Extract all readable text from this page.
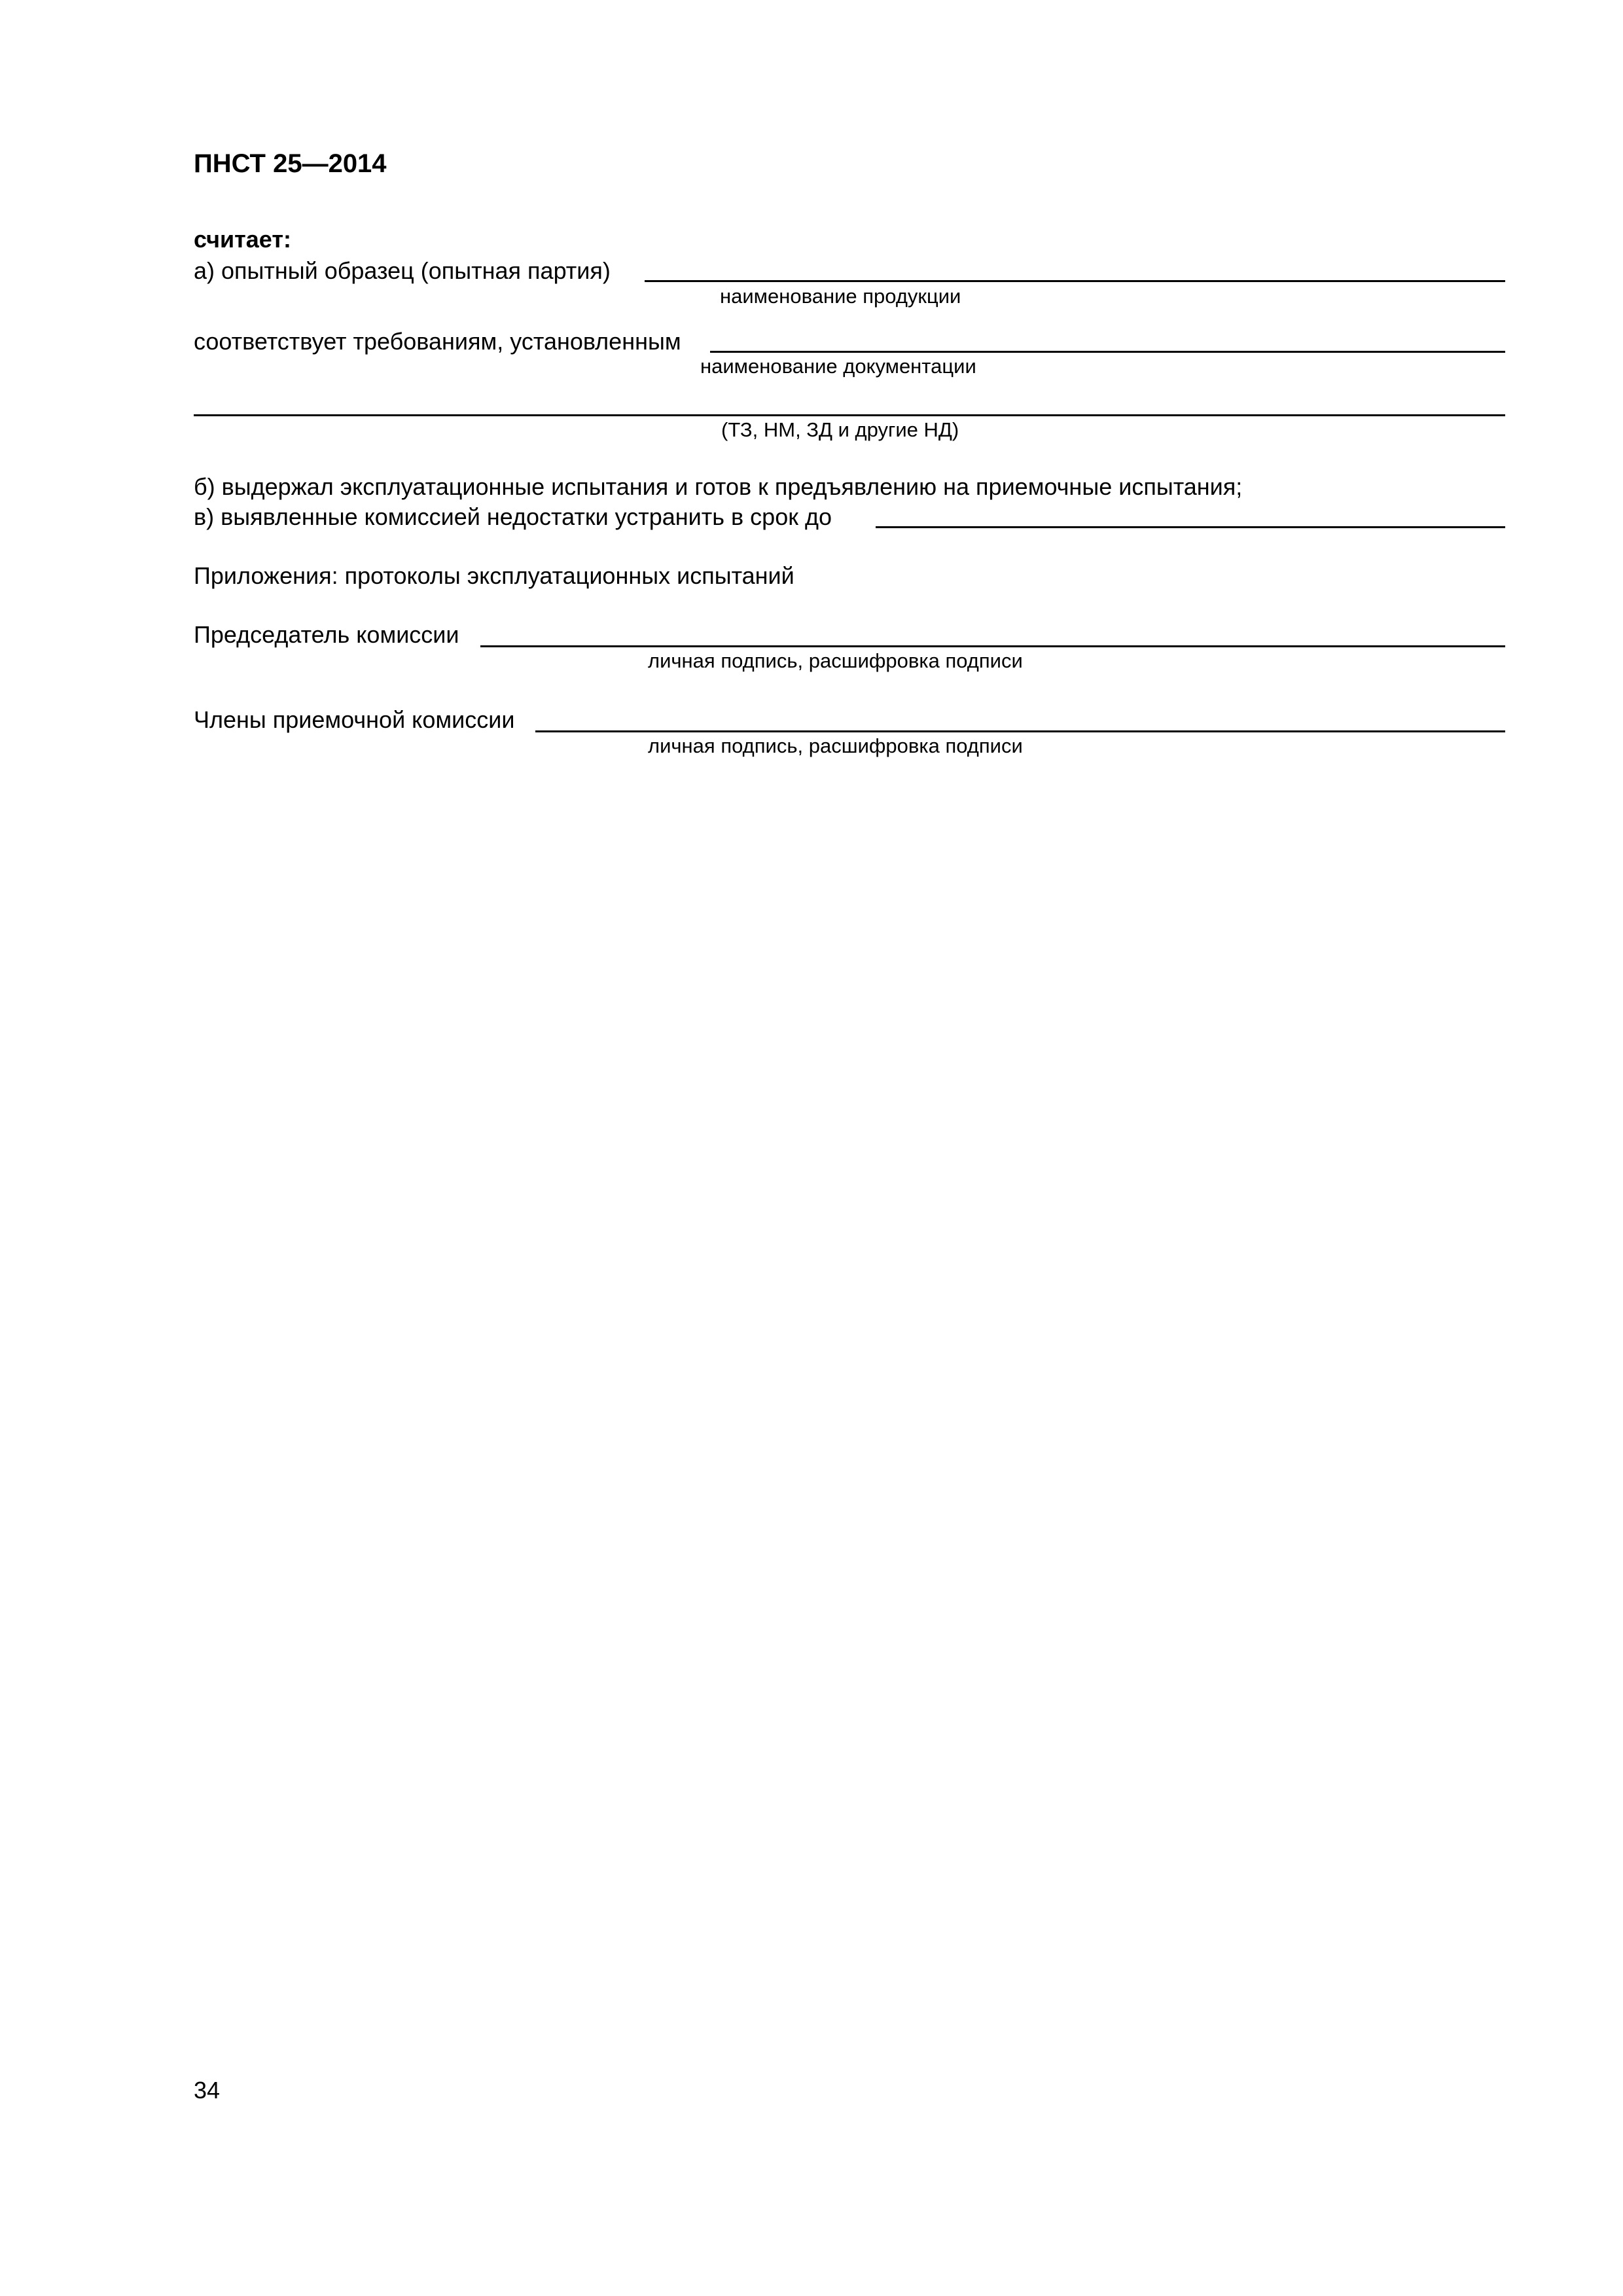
ПНСТ 25—2014
считает:
а) опытный образец (опытная партия)
наименование продукции
соответствует требованиям, установленным
наименование документации
(ТЗ, НМ, ЗД и другие НД)
б) выдержал эксплуатационные испытания и готов к предъявлению на приемочные испытания;
в) выявленные комиссией недостатки устранить в срок до
Приложения: протоколы эксплуатационных испытаний
Председатель комиссии
личная подпись, расшифровка подписи
Члены приемочной комиссии
личная подпись, расшифровка подписи
34
